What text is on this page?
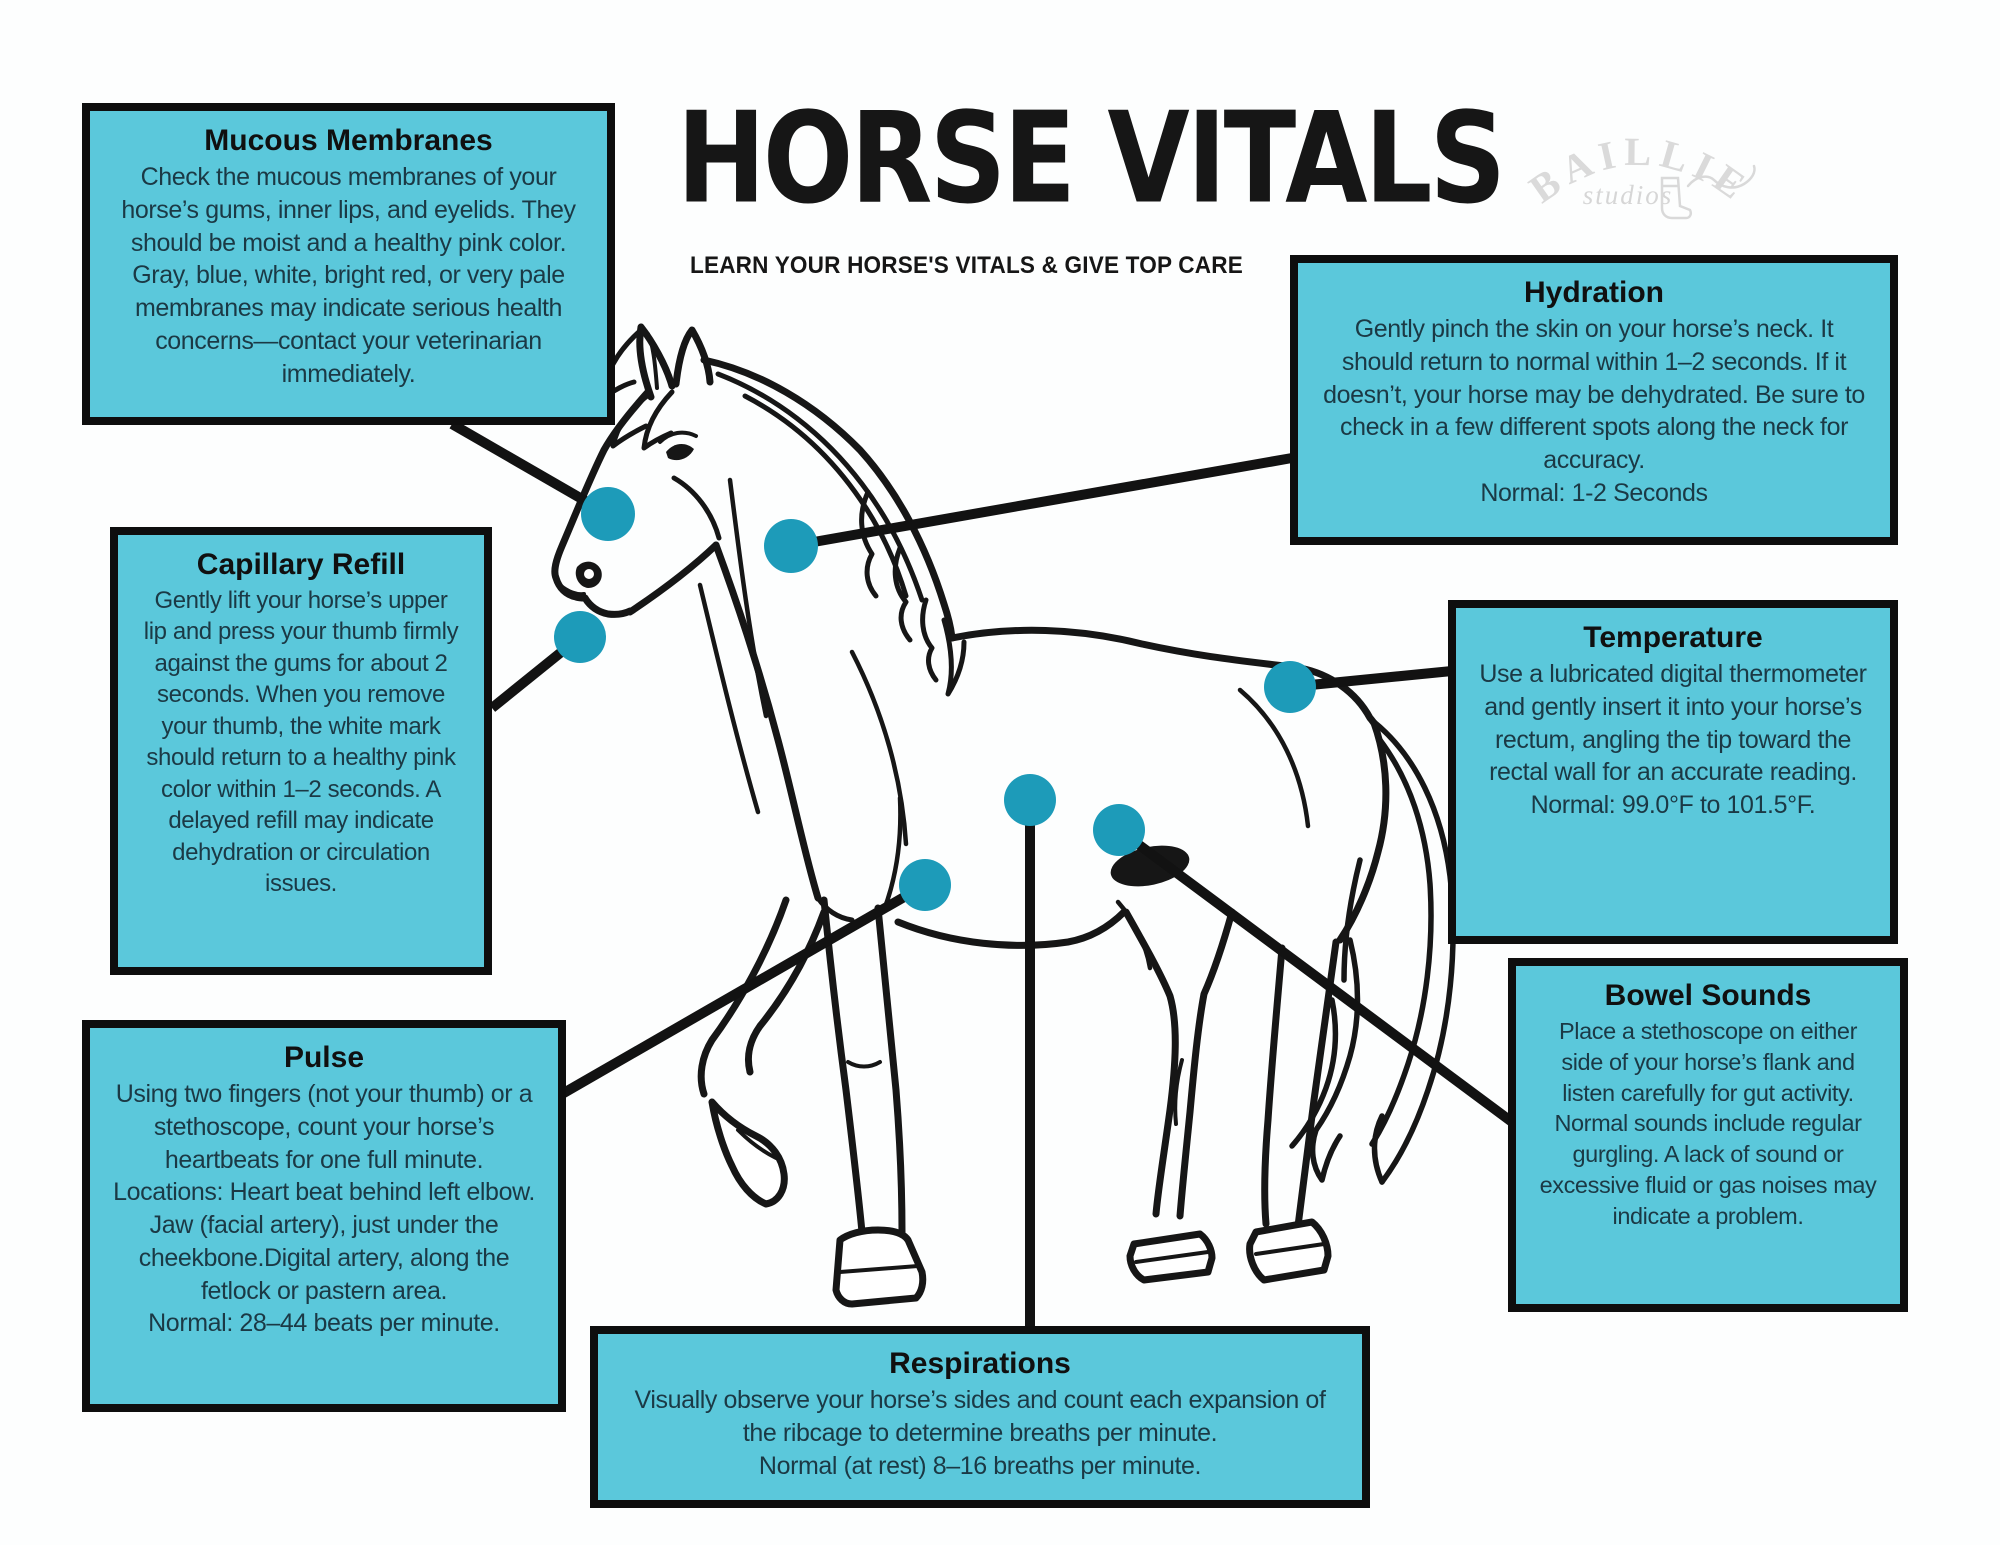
BAILLIE
studios
HORSE VITALS
LEARN YOUR HORSE'S VITALS & GIVE TOP CARE
Mucous Membranes

Check the mucous membranes of your horse’s gums, inner lips, and eyelids. They should be moist and a healthy pink color. Gray, blue, white, bright red, or very pale membranes may indicate serious health concerns—contact your veterinarian immediately.

Capillary Refill

Gently lift your horse’s upper lip and press your thumb firmly against the gums for about 2 seconds. When you remove your thumb, the white mark should return to a healthy pink color within 1–2 seconds. A delayed refill may indicate dehydration or circulation issues.

Pulse

Using two fingers (not your thumb) or a stethoscope, count your horse’s heartbeats for one full minute. Locations: Heart beat behind left elbow. Jaw (facial artery), just under the cheekbone.Digital artery, along the fetlock or pastern area.

Normal: 28–44 beats per minute.

Hydration

Gently pinch the skin on your horse’s neck. It should return to normal within 1–2 seconds. If it doesn’t, your horse may be dehydrated. Be sure to check in a few different spots along the neck for accuracy.

Normal: 1-2 Seconds

Temperature

Use a lubricated digital thermometer and gently insert it into your horse’s rectum, angling the tip toward the rectal wall for an accurate reading.

Normal: 99.0°F to 101.5°F.

Bowel Sounds

Place a stethoscope on either side of your horse’s flank and listen carefully for gut activity. Normal sounds include regular gurgling. A lack of sound or excessive fluid or gas noises may indicate a problem.

Respirations

Visually observe your horse’s sides and count each expansion of the ribcage to determine breaths per minute.

Normal (at rest) 8–16 breaths per minute.
